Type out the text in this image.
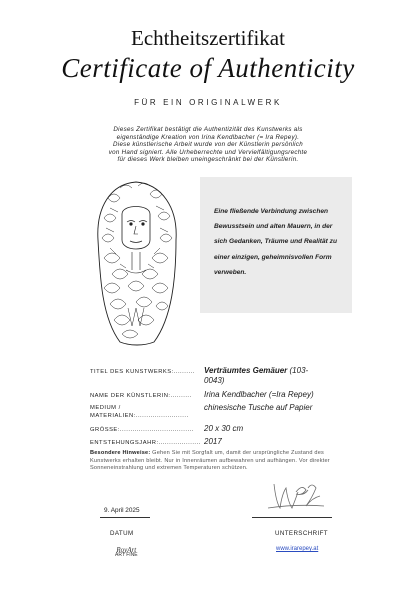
Echtheitszertifikat
Certificate of Authenticity
FÜR EIN ORIGINALWERK
Dieses Zertifikat bestätigt die Authentizität des Kunstwerks als
eigenständige Kreation von Irina Kendlbacher (= Ira Repey).
Diese künstlerische Arbeit wurde von der Künstlerin persönlich
von Hand signiert. Alle Urheberrechte und Vervielfältigungsrechte
für dieses Werk bleiben uneingeschränkt bei der Künstlerin.
Eine fließende Verbindung zwischen
Bewusstsein und alten Mauern, in der
sich Gedanken, Träume und Realität zu
einer einzigen, geheimnisvollen Form
verweben.
TITEL DES KUNSTWERKS:..........	Verträumtes Gemäuer (103-
0043)
NAME DER KÜNSTLERIN:..........	Irina Kendlbacher (=Ira Repey)
MEDIUM /
MATERIALIEN:.........................
chinesische Tusche auf Papier
GRÖSSE:...................................	20 x 30 cm
ENTSTEHUNGSJAHR:.................... 2017
Besondere Hinweise: Gehen Sie mit Sorgfalt um, damit der ursprüngliche Zustand des Kunstwerks erhalten bleibt. Nur in Innenräumen aufbewahren und aufhängen. Vor direkter Sonneneinstrahlung und extremen Temperaturen schützen.
9. April 2025
DATUM	UNTERSCHRIFT
RoyArt
ART FINE
www.irarepey.at
